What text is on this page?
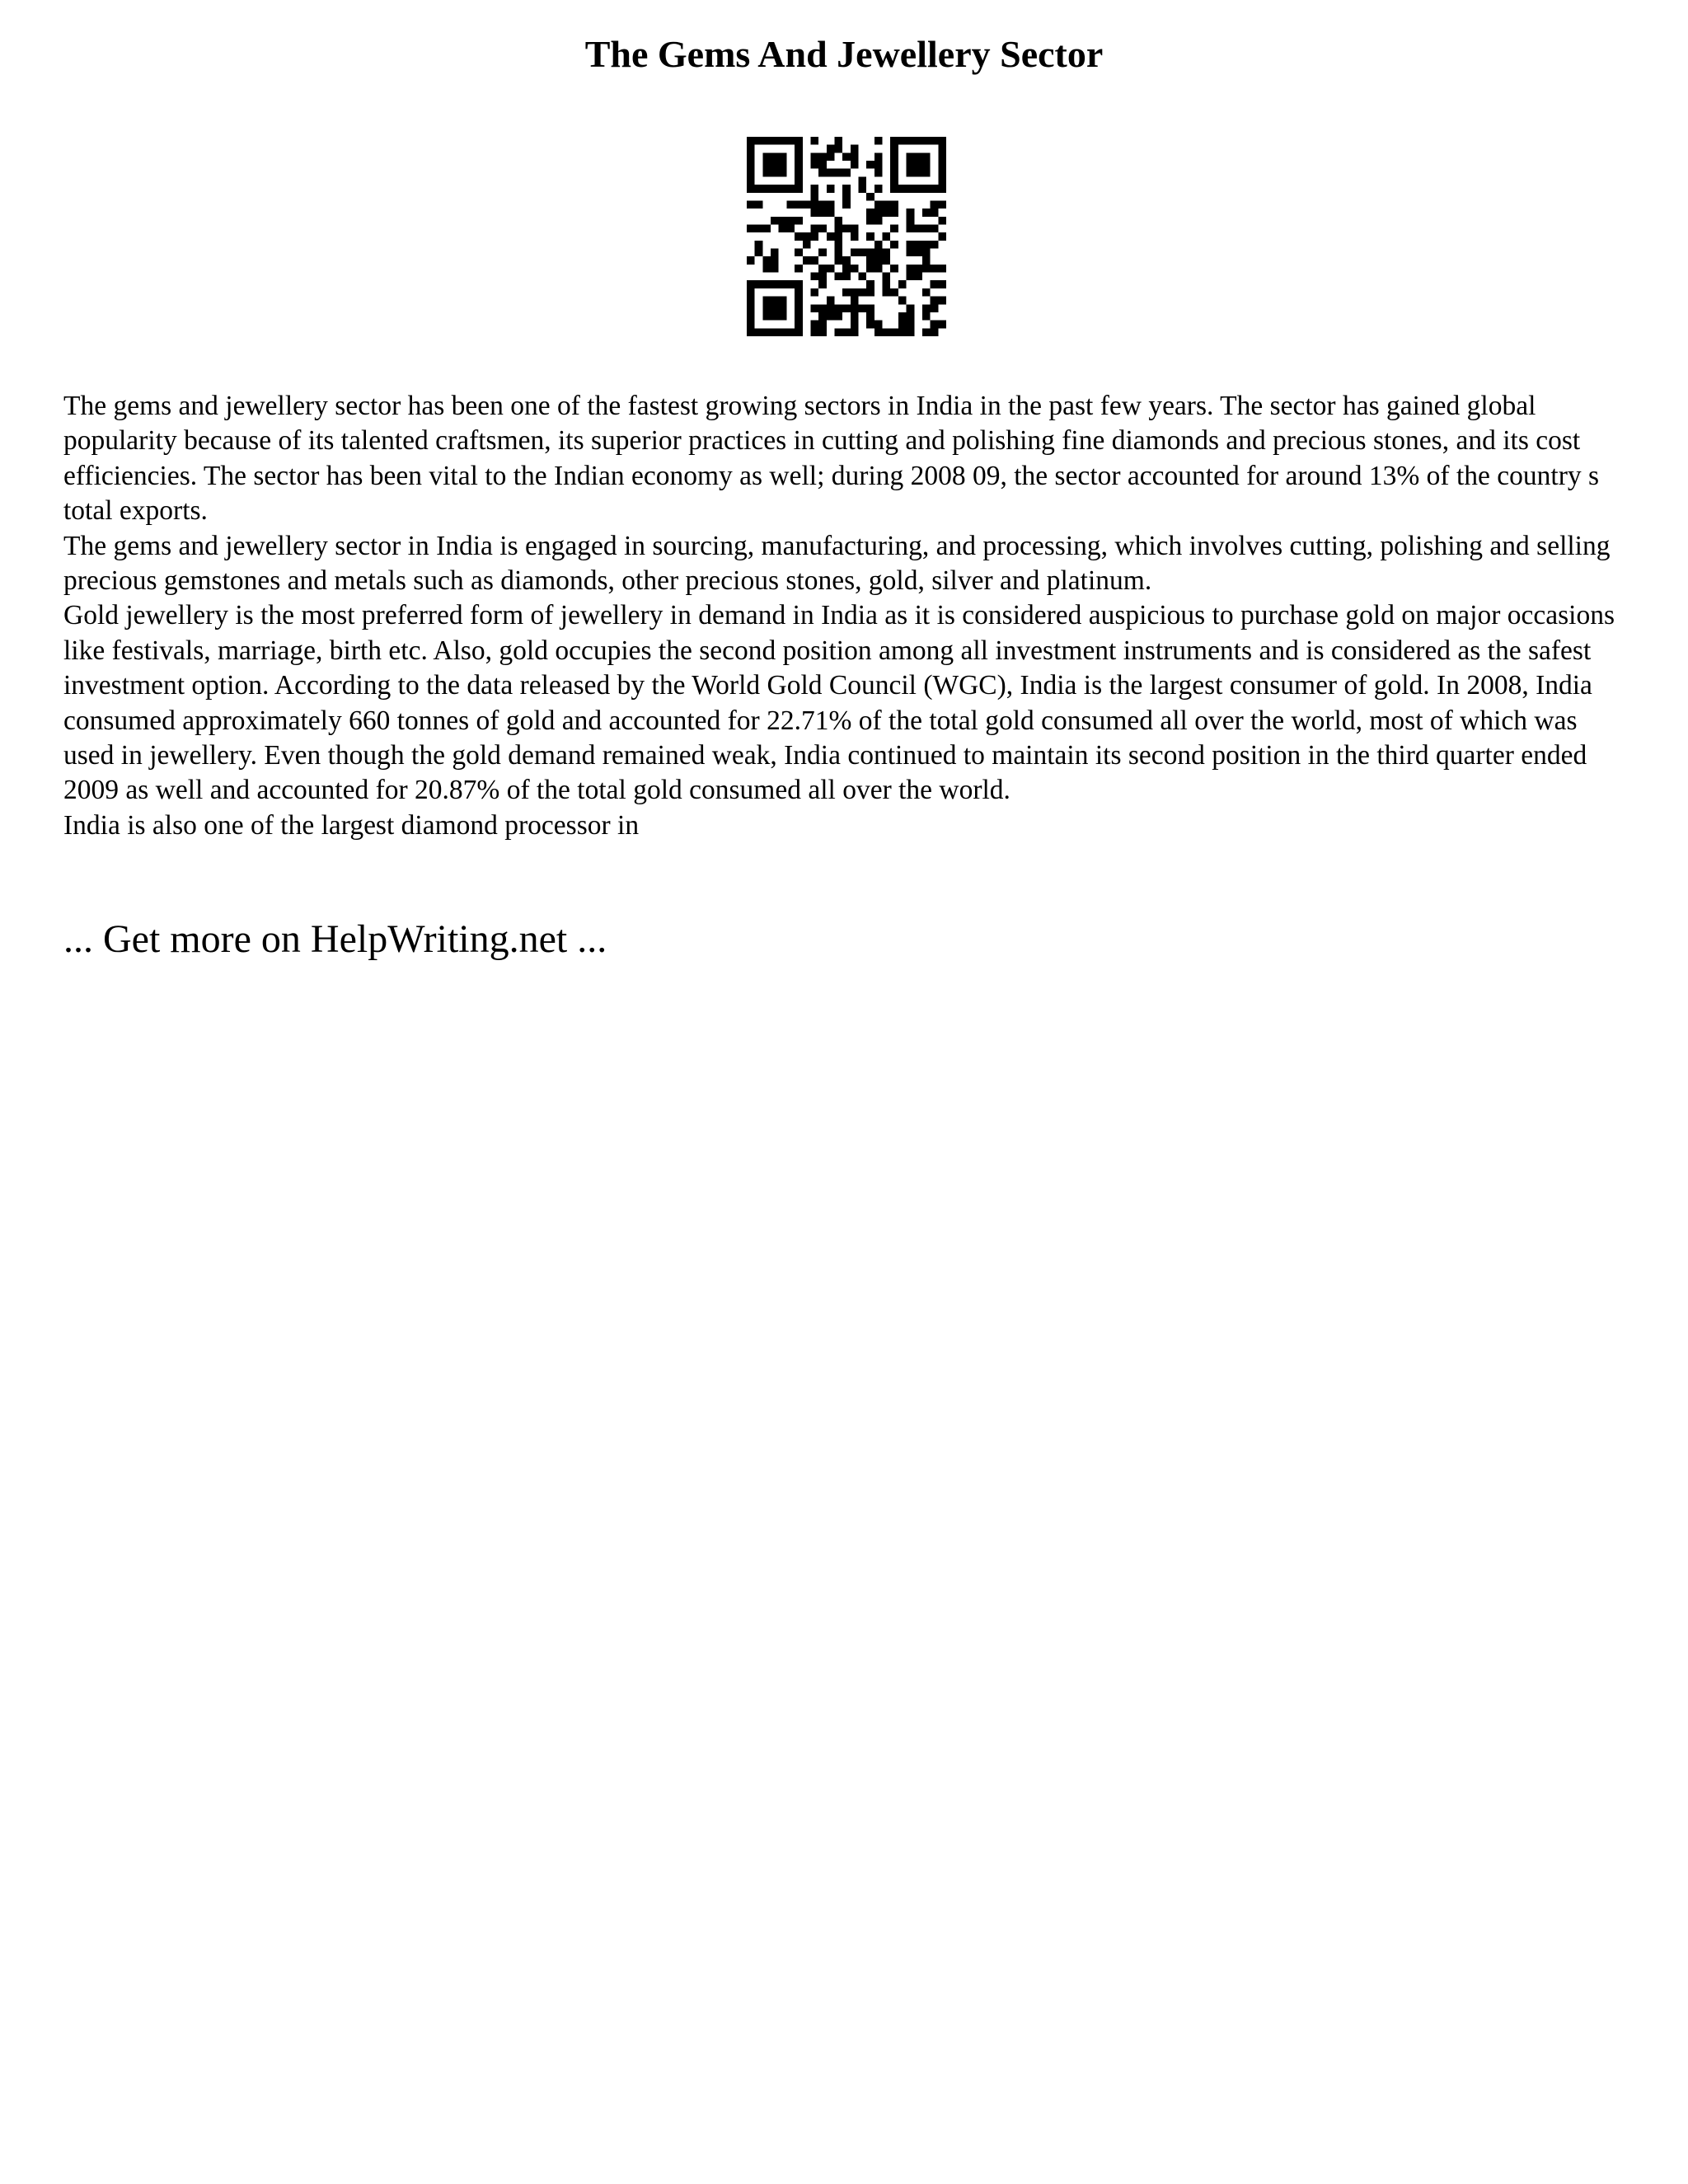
The Gems And Jewellery Sector

The gems and jewellery sector has been one of the fastest growing sectors in India in the past few years. The sector has gained global popularity because of its talented craftsmen, its superior practices in cutting and polishing fine diamonds and precious stones, and its cost efficiencies. The sector has been vital to the Indian economy as well; during 2008 09, the sector accounted for around 13% of the country s total exports.

The gems and jewellery sector in India is engaged in sourcing, manufacturing, and processing, which involves cutting, polishing and selling precious gemstones and metals such as diamonds, other precious stones, gold, silver and platinum.

Gold jewellery is the most preferred form of jewellery in demand in India as it is considered auspicious to purchase gold on major occasions like festivals, marriage, birth etc. Also, gold occupies the second position among all investment instruments and is considered as the safest investment option. According to the data released by the World Gold Council (WGC), India is the largest consumer of gold. In 2008, India consumed approximately 660 tonnes of gold and accounted for 22.71% of the total gold consumed all over the world, most of which was used in jewellery. Even though the gold demand remained weak, India continued to maintain its second position in the third quarter ended 2009 as well and accounted for 20.87% of the total gold consumed all over the world.

India is also one of the largest diamond processor in

... Get more on HelpWriting.net ...
